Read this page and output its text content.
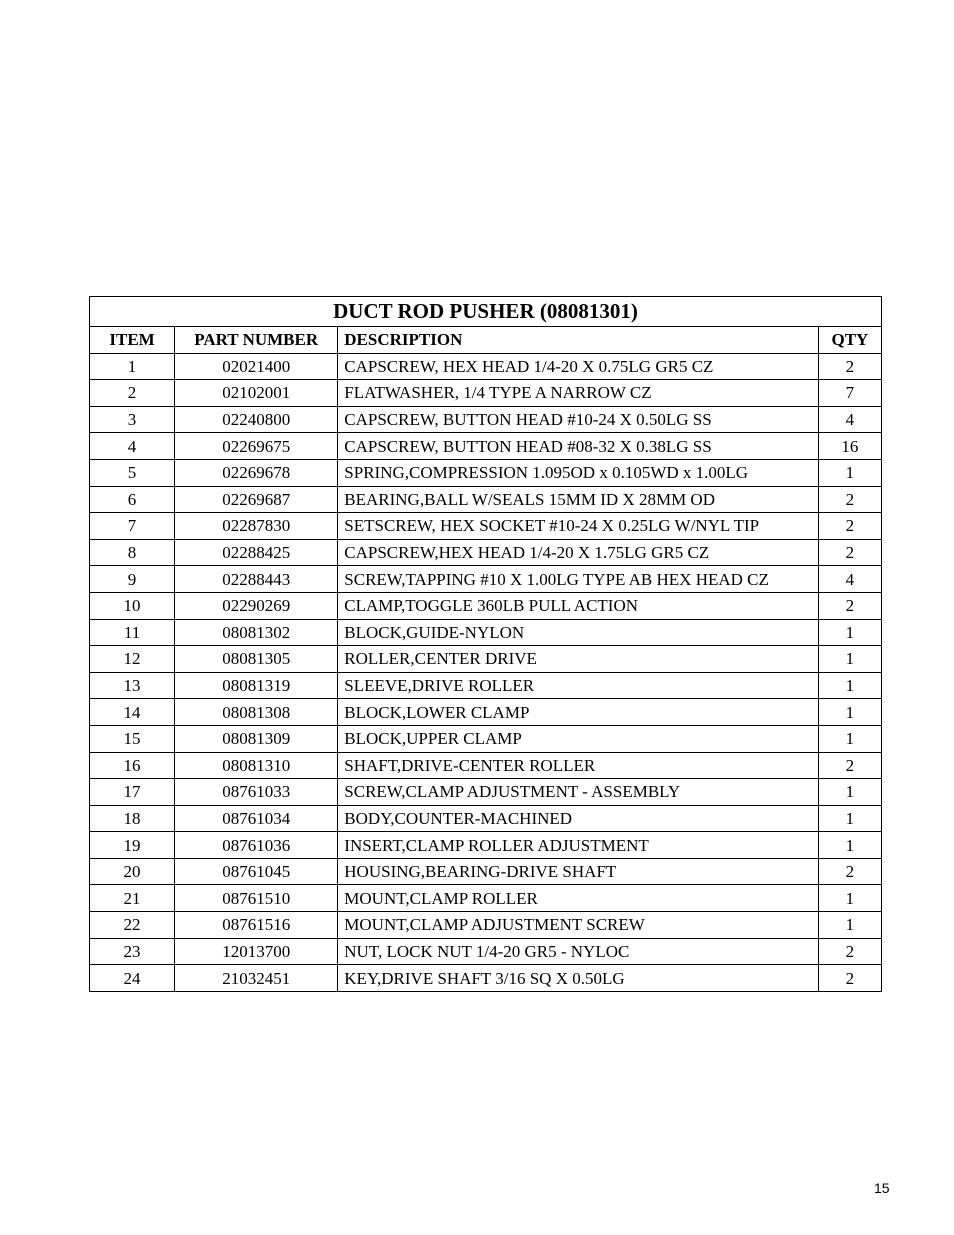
DUCT ROD PUSHER (08081301)			
ITEM	PART NUMBER	DESCRIPTION	QTY
1	02021400	CAPSCREW, HEX HEAD 1/4-20 X 0.75LG GR5 CZ	2
2	02102001	FLATWASHER, 1/4 TYPE A NARROW CZ	7
3	02240800	CAPSCREW, BUTTON HEAD #10-24 X 0.50LG SS	4
4	02269675	CAPSCREW, BUTTON HEAD #08-32 X 0.38LG SS	16
5	02269678	SPRING,COMPRESSION 1.095OD x 0.105WD x 1.00LG	1
6	02269687	BEARING,BALL W/SEALS 15MM ID X 28MM OD	2
7	02287830	SETSCREW, HEX SOCKET #10-24 X 0.25LG W/NYL TIP	2
8	02288425	CAPSCREW,HEX HEAD 1/4-20 X 1.75LG GR5 CZ	2
9	02288443	SCREW,TAPPING #10 X 1.00LG TYPE AB HEX HEAD CZ	4
10	02290269	CLAMP,TOGGLE 360LB PULL ACTION	2
11	08081302	BLOCK,GUIDE-NYLON	1
12	08081305	ROLLER,CENTER DRIVE	1
13	08081319	SLEEVE,DRIVE ROLLER	1
14	08081308	BLOCK,LOWER CLAMP	1
15	08081309	BLOCK,UPPER CLAMP	1
16	08081310	SHAFT,DRIVE-CENTER ROLLER	2
17	08761033	SCREW,CLAMP ADJUSTMENT - ASSEMBLY	1
18	08761034	BODY,COUNTER-MACHINED	1
19	08761036	INSERT,CLAMP ROLLER ADJUSTMENT	1
20	08761045	HOUSING,BEARING-DRIVE SHAFT	2
21	08761510	MOUNT,CLAMP ROLLER	1
22	08761516	MOUNT,CLAMP ADJUSTMENT SCREW	1
23	12013700	NUT, LOCK NUT 1/4-20 GR5 - NYLOC	2
24	21032451	KEY,DRIVE SHAFT 3/16 SQ X 0.50LG	2
15
